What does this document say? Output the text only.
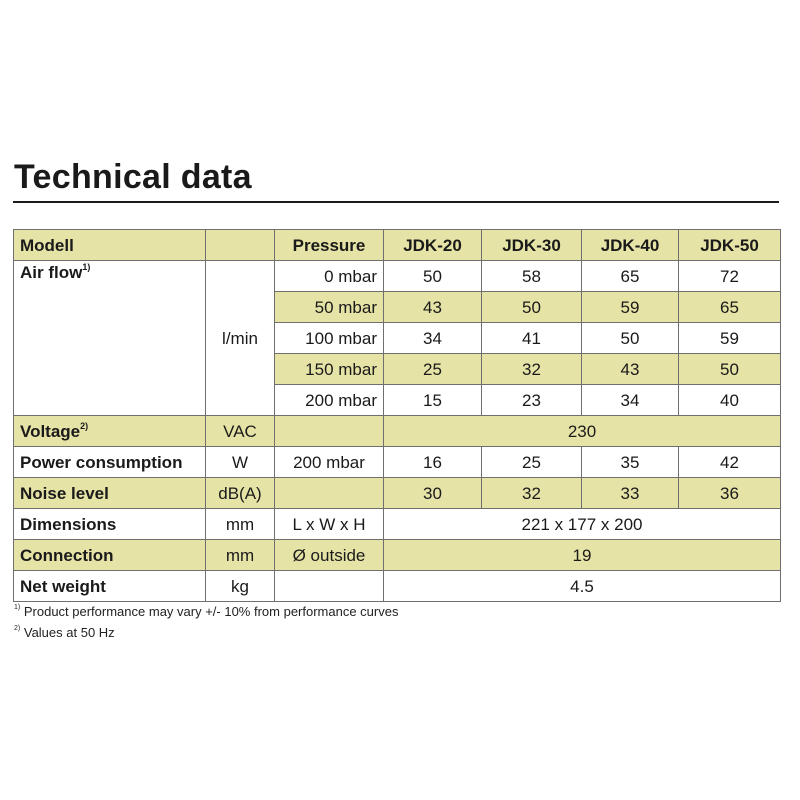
Technical data
Modell		Pressure	JDK-20	JDK-30	JDK-40	JDK-50
Air flow$^{1)}$	l/min	0 mbar	50	58	65	72
		50 mbar	43	50	59	65
		100 mbar	34	41	50	59
		150 mbar	25	32	43	50
		200 mbar	15	23	34	40
Voltage$^{2)}$	VAC		230			
Power consumption	W	200 mbar	16	25	35	42
Noise level	dB(A)		30	32	33	36
Dimensions	mm	L x W x H	221 x 177 x 200			
Connection	mm	Ø outside	19			
Net weight	kg		4.5			
$^{1)}$ Product performance may vary +/- 10% from performance curves
$^{2)}$ Values at 50 Hz
